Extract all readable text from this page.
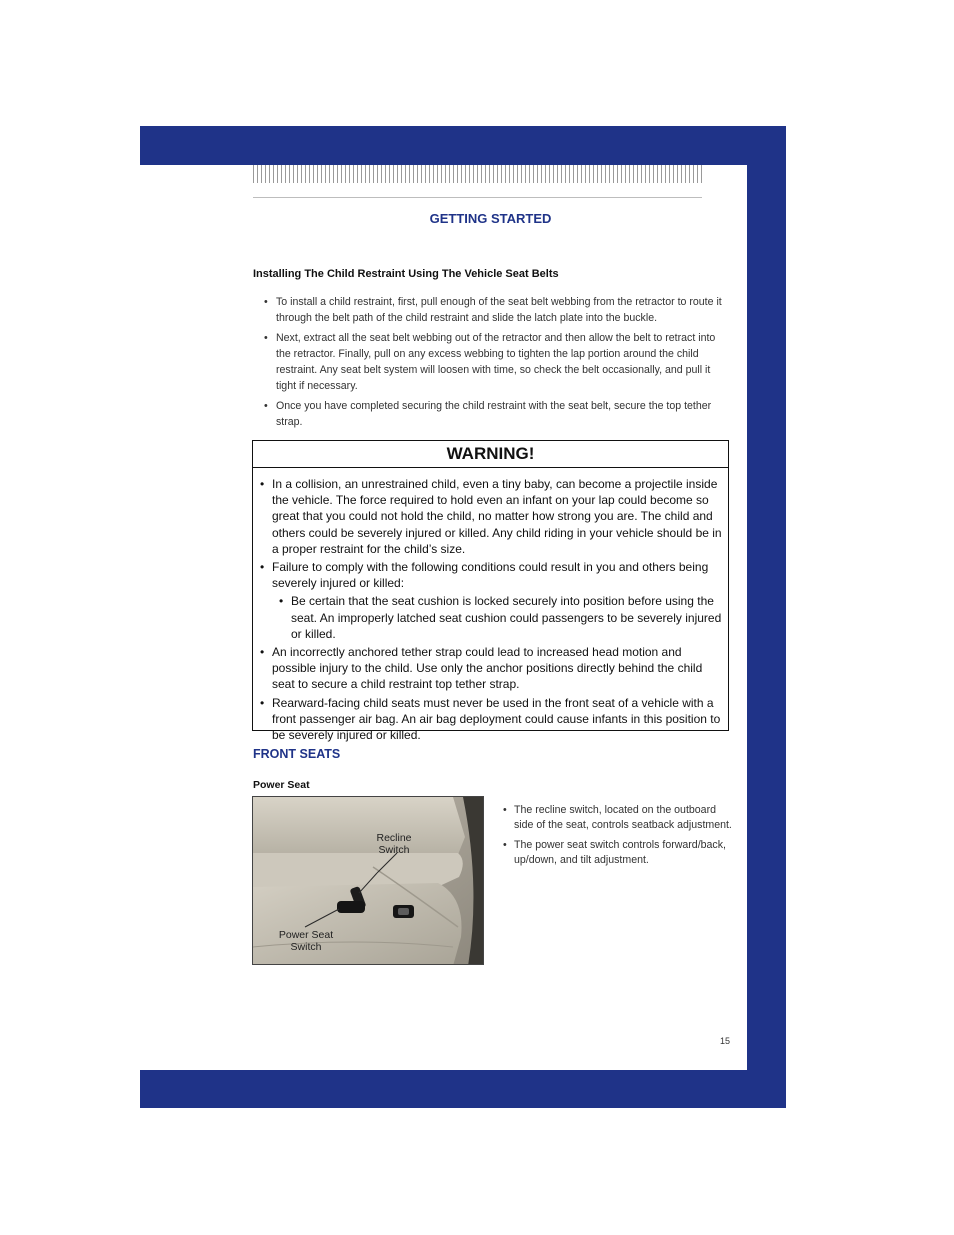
GETTING STARTED
Installing The Child Restraint Using The Vehicle Seat Belts
• To install a child restraint, first, pull enough of the seat belt webbing from the retractor to route it through the belt path of the child restraint and slide the latch plate into the buckle.
• Next, extract all the seat belt webbing out of the retractor and then allow the belt to retract into the retractor. Finally, pull on any excess webbing to tighten the lap portion around the child restraint. Any seat belt system will loosen with time, so check the belt occasionally, and pull it tight if necessary.
• Once you have completed securing the child restraint with the seat belt, secure the top tether strap.
WARNING!
• In a collision, an unrestrained child, even a tiny baby, can become a projectile inside the vehicle. The force required to hold even an infant on your lap could become so great that you could not hold the child, no matter how strong you are. The child and others could be severely injured or killed. Any child riding in your vehicle should be in a proper restraint for the child’s size.
• Failure to comply with the following conditions could result in you and others being severely injured or killed:
• Be certain that the seat cushion is locked securely into position before using the seat. An improperly latched seat cushion could passengers to be severely injured or killed.
• An incorrectly anchored tether strap could lead to increased head motion and possible injury to the child. Use only the anchor positions directly behind the child seat to secure a child restraint top tether strap.
• Rearward-facing child seats must never be used in the front seat of a vehicle with a front passenger air bag. An air bag deployment could cause infants in this position to be severely injured or killed.
FRONT SEATS
Power Seat
Recline
Switch
Power Seat
Switch
• The recline switch, located on the outboard side of the seat, controls seatback adjustment.
• The power seat switch controls forward/back, up/down, and tilt adjustment.
15
